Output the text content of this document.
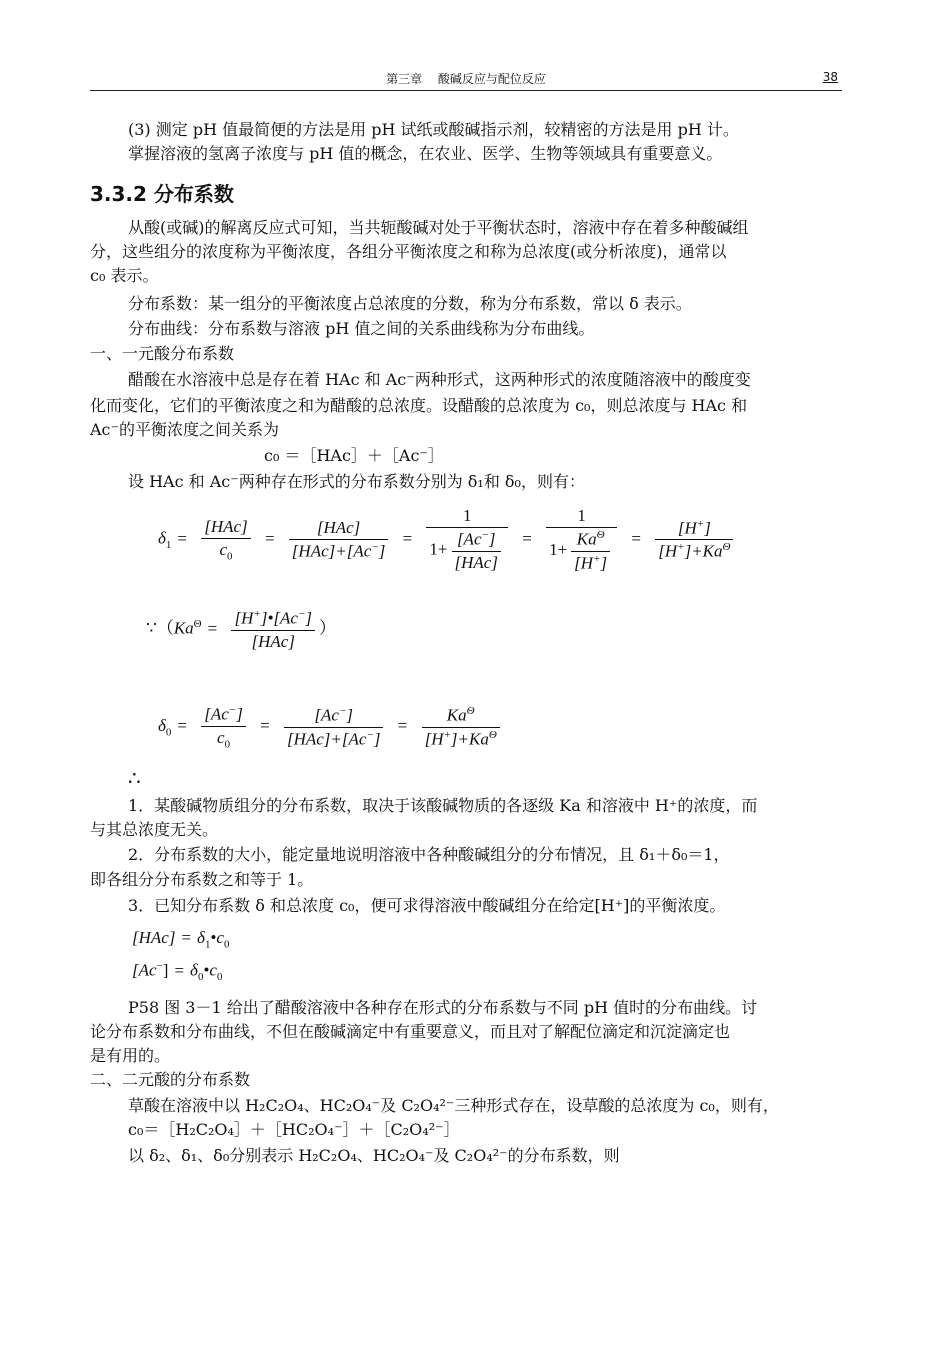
第三章　 酸碱反应与配位反应	38
(3) 测定 pH 值最简便的方法是用 pH 试纸或酸碱指示剂，较精密的方法是用 pH 计。
掌握溶液的氢离子浓度与 pH 值的概念，在农业、医学、生物等领域具有重要意义。
3.3.2 分布系数
从酸(或碱)的解离反应式可知，当共轭酸碱对处于平衡状态时，溶液中存在着多种酸碱组
分，这些组分的浓度称为平衡浓度，各组分平衡浓度之和称为总浓度(或分析浓度)，通常以
c₀ 表示。
分布系数：某一组分的平衡浓度占总浓度的分数，称为分布系数，常以 δ 表示。
分布曲线：分布系数与溶液 pH 值之间的关系曲线称为分布曲线。
一、一元酸分布系数
醋酸在水溶液中总是存在着 HAc 和 Ac⁻两种形式，这两种形式的浓度随溶液中的酸度变
化而变化，它们的平衡浓度之和为醋酸的总浓度。设醋酸的总浓度为 c₀，则总浓度与 HAc 和
Ac⁻的平衡浓度之间关系为
c₀ ＝［HAc］＋［Ac⁻］
设 HAc 和 Ac⁻两种存在形式的分布系数分别为 δ₁和 δ₀，则有：
$\delta_1 = \frac{\text{[HAc]}}{c_0} = \frac{\text{[HAc]}}{[HAc]+[Ac^-]} = \frac{1}{1+ \frac{[Ac^-]}{\text{[HAc]}}} = \frac{1}{1+ \frac{Ka^\Theta}{[H^+]}} = \frac{[H^+]}{[H^+]+Ka^\Theta}$
$\because(Ka^\Theta = \frac{[H^+]•[Ac^-]}{\text{[HAc]}}$ ）
$\delta_0 = \frac{[Ac^-]}{c_0} = \frac{[Ac^-]}{[HAc]+[Ac^-]} = \frac{Ka^\Theta}{[H^+]+Ka^\Theta}$
∴
1．某酸碱物质组分的分布系数，取决于该酸碱物质的各逐级 Ka 和溶液中 H⁺的浓度，而
与其总浓度无关。
2．分布系数的大小，能定量地说明溶液中各种酸碱组分的分布情况，且 δ₁＋δ₀＝1，
即各组分分布系数之和等于 1。
3．已知分布系数 δ 和总浓度 c₀，便可求得溶液中酸碱组分在给定[H⁺]的平衡浓度。
$[HAc] = \delta_1•c_0$
$[Ac^-] = \delta_0•c_0$
P58 图 3－1 给出了醋酸溶液中各种存在形式的分布系数与不同 pH 值时的分布曲线。讨
论分布系数和分布曲线，不但在酸碱滴定中有重要意义，而且对了解配位滴定和沉淀滴定也
是有用的。
二、二元酸的分布系数
草酸在溶液中以 H₂C₂O₄、HC₂O₄⁻及 C₂O₄²⁻三种形式存在，设草酸的总浓度为 c₀，则有，
c₀＝［H₂C₂O₄］＋［HC₂O₄⁻］＋［C₂O₄²⁻］
以 δ₂、δ₁、δ₀分别表示 H₂C₂O₄、HC₂O₄⁻及 C₂O₄²⁻的分布系数，则
